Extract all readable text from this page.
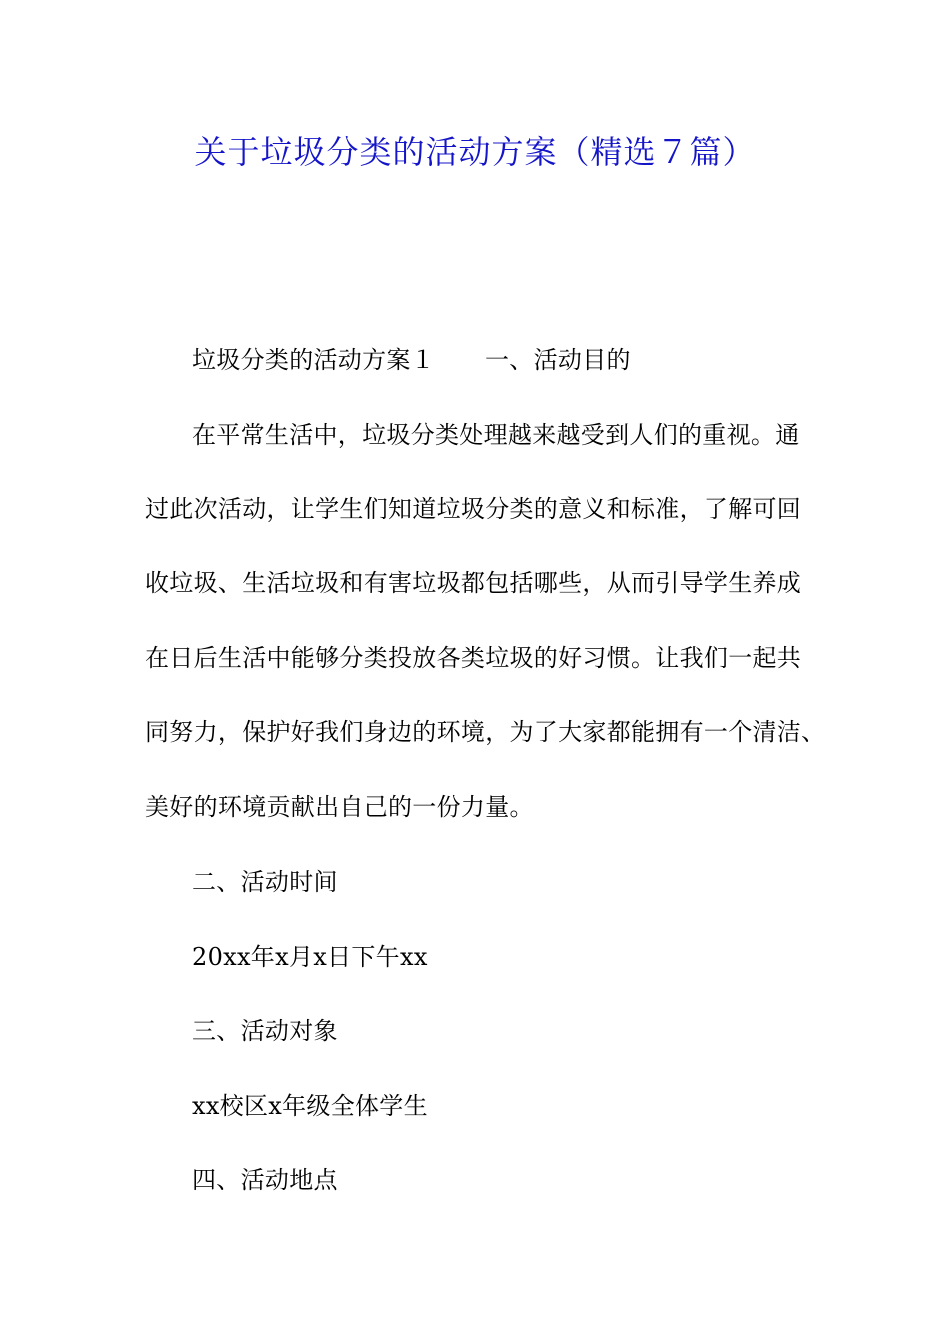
关于垃圾分类的活动方案（精选７篇）
垃圾分类的活动方案１ 一、活动目的
在平常生活中，垃圾分类处理越来越受到人们的重视。通
过此次活动，让学生们知道垃圾分类的意义和标准，了解可回
收垃圾、生活垃圾和有害垃圾都包括哪些，从而引导学生养成
在日后生活中能够分类投放各类垃圾的好习惯。让我们一起共
同努力，保护好我们身边的环境，为了大家都能拥有一个清洁、
美好的环境贡献出自己的一份力量。
二、活动时间
20xx年x月x日下午xx
三、活动对象
xx校区x年级全体学生
四、活动地点
